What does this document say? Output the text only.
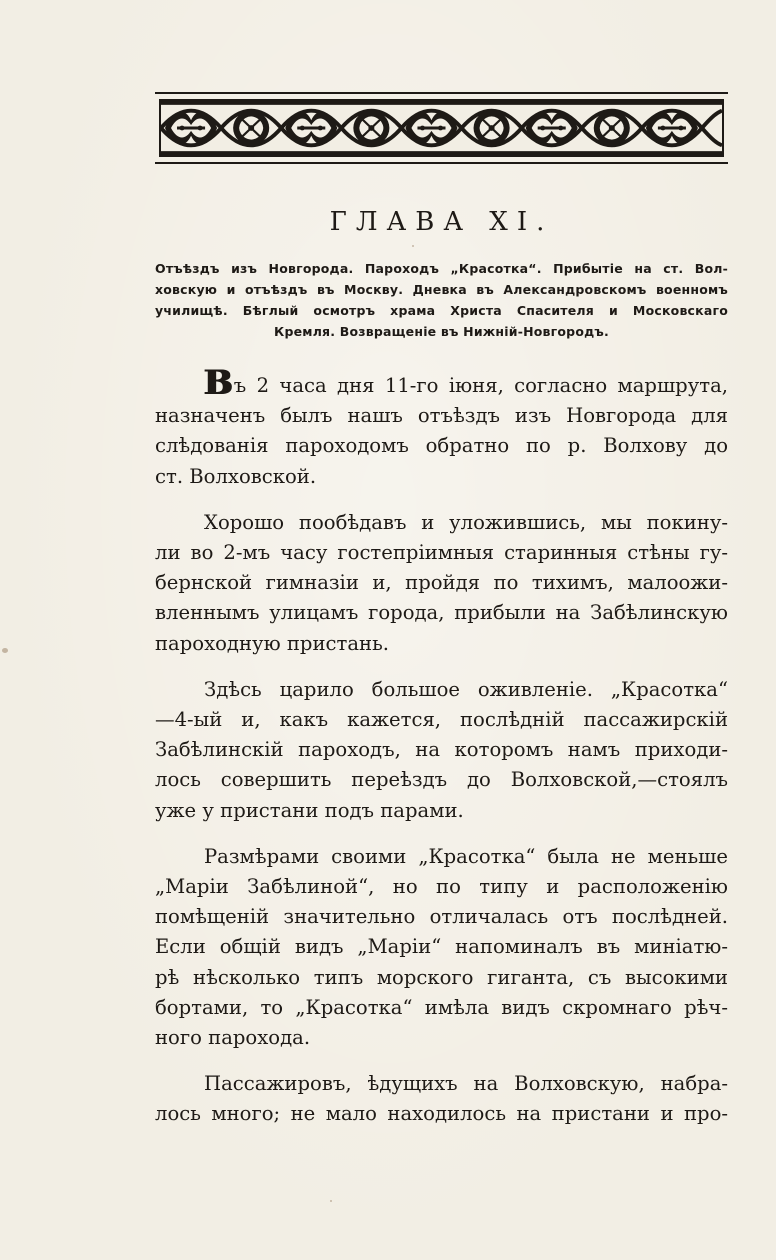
ГЛАВА XI.
Отъѣздъ изъ Новгорода. Пароходъ „Красотка“. Прибытіе на ст. Вол-
ховскую и отъѣздъ въ Москву. Дневка въ Александровскомъ военномъ
училищѣ. Бѣглый осмотръ храма Христа Спасителя и Московскаго
Кремля. Возвращеніе въ Нижній-Новгородъ.
Въ 2 часа дня 11-го іюня, согласно маршрута,
назначенъ былъ нашъ отъѣздъ изъ Новгорода для
слѣдованія пароходомъ обратно по р. Волхову до
ст. Волховской.
Хорошо пообѣдавъ и уложившись, мы покину-
ли во 2-мъ часу гостепріимныя старинныя стѣны гу-
бернской гимназіи и, пройдя по тихимъ, малоожи-
вленнымъ улицамъ города, прибыли на Забѣлинскую
пароходную пристань.
Здѣсь царило большое оживленіе. „Красотка“
—4-ый и, какъ кажется, послѣдній пассажирскій
Забѣлинскій пароходъ, на которомъ намъ приходи-
лось совершить переѣздъ до Волховской,—стоялъ
уже у пристани подъ парами.
Размѣрами своими „Красотка“ была не меньше
„Маріи Забѣлиной“, но по типу и расположенію
помѣщеній значительно отличалась отъ послѣдней.
Если общій видъ „Маріи“ напоминалъ въ миніатю-
рѣ нѣсколько типъ морского гиганта, съ высокими
бортами, то „Красотка“ имѣла видъ скромнаго рѣч-
ного парохода.
Пассажировъ, ѣдущихъ на Волховскую, набра-
лось много; не мало находилось на пристани и про-
